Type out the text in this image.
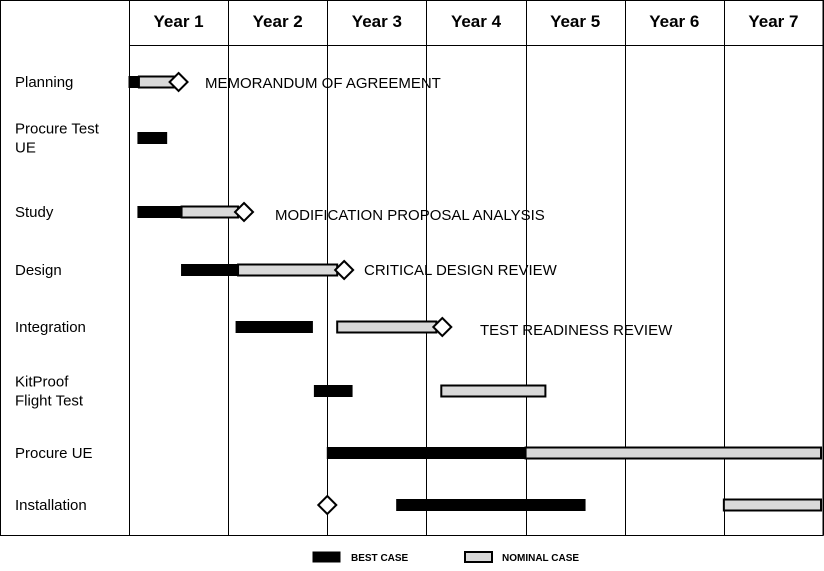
Year 1	Year 2	Year 3	Year 4	Year 5	Year 6	Year 7
Planning
Procure Test
UE
Study
Design
Integration
KitProof
Flight Test
Procure UE
Installation
MEMORANDUM OF AGREEMENT
MODIFICATION PROPOSAL ANALYSIS
CRITICAL DESIGN REVIEW
TEST READINESS REVIEW
BEST CASE	NOMINAL CASE
